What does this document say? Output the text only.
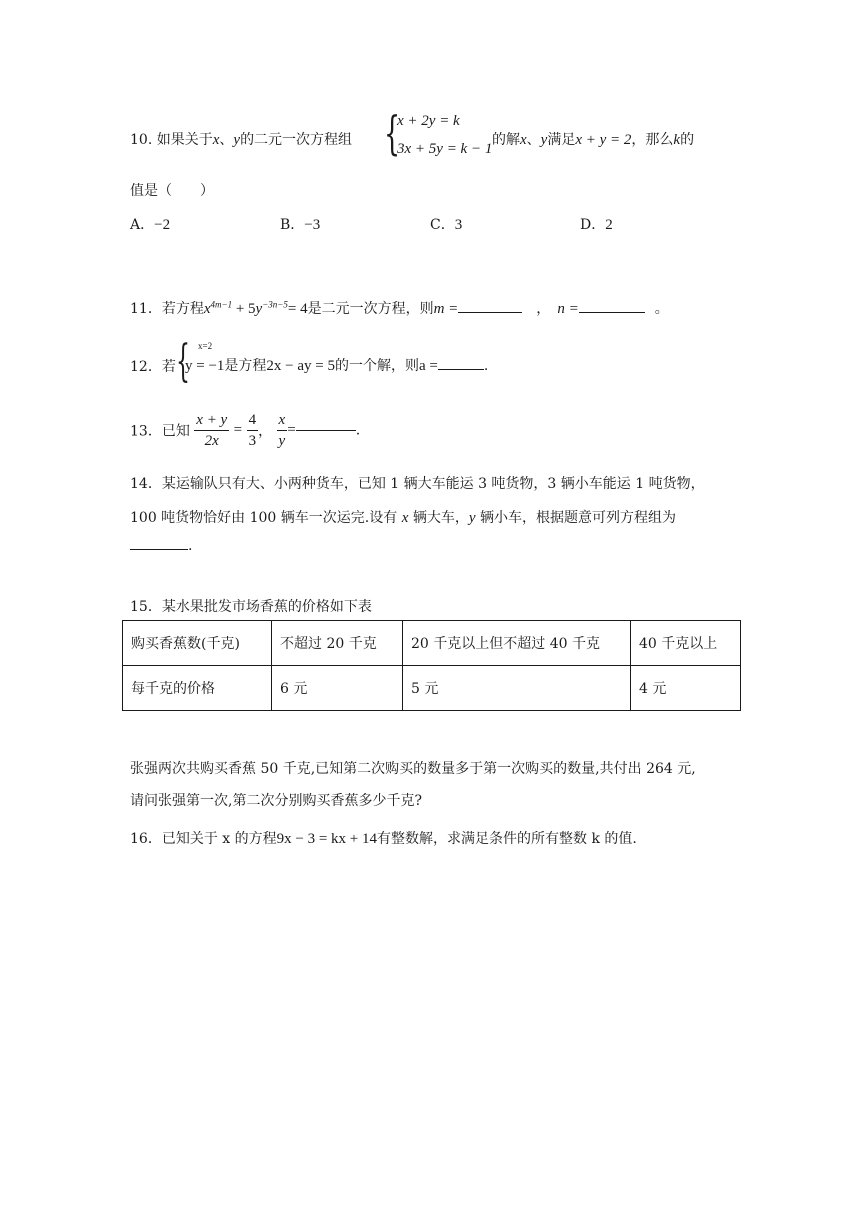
10. 如果关于x、y的二元一次方程组 {
x + 2y = k
3x + 5y = k − 1
的解x、y满足x + y = 2，那么k的
值是（　　）
A．−2	B．−3	C．3	D．2
11．若方程$x^{4m-1} + 5y^{-3n-5}= 4$是二元一次方程，则m =	　，　n =	。
12．若 { x=2
y = −1是方程2x − ay = 5的一个解，则a =	.
13．已知 $\frac{x + y}{2x} = \frac{4}{3}$ ， $\frac{x}{y}$ =	.
14．某运输队只有大、小两种货车，已知 1 辆大车能运 3 吨货物，3 辆小车能运 1 吨货物，
100 吨货物恰好由 100 辆车一次运完.设有 x 辆大车，y 辆小车，根据题意可列方程组为
.
15．某水果批发市场香蕉的价格如下表
购买香蕉数(千克)	不超过 20 千克	20 千克以上但不超过 40 千克	40 千克以上
每千克的价格	6 元	5 元	4 元
张强两次共购买香蕉 50 千克,已知第二次购买的数量多于第一次购买的数量,共付出 264 元,
请问张强第一次,第二次分别购买香蕉多少千克?
16．已知关于 x 的方程9x − 3 = kx + 14有整数解，求满足条件的所有整数 k 的值.
